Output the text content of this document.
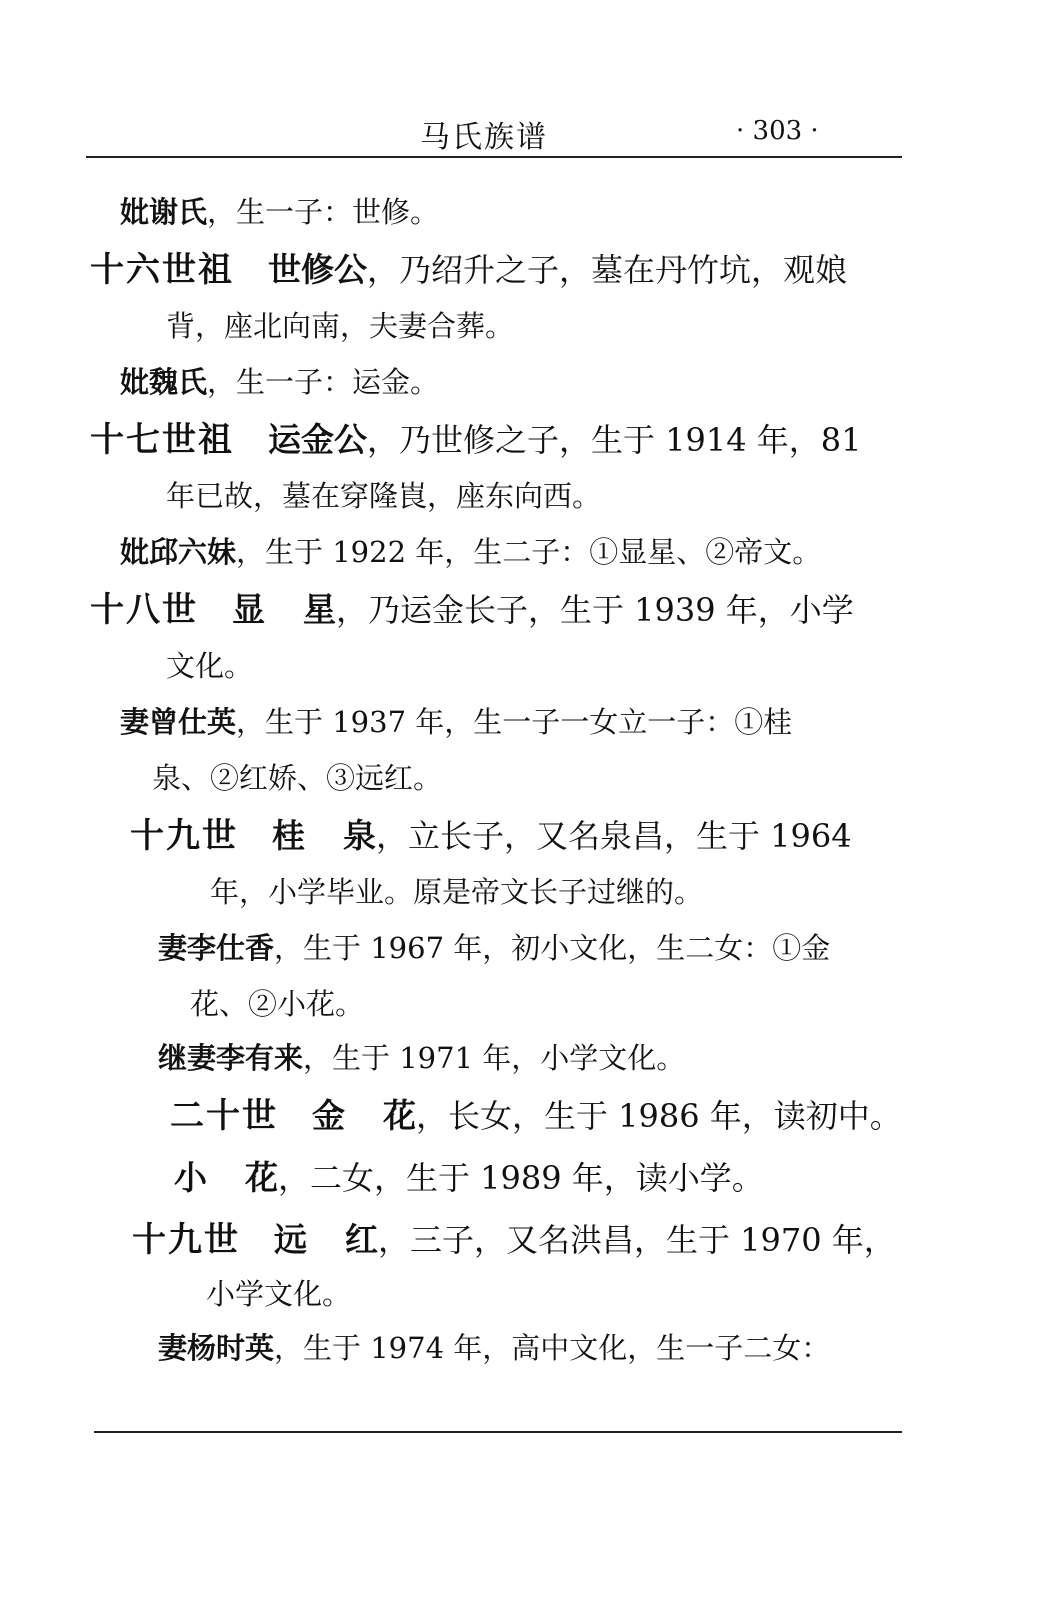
马氏族谱	· 303 ·
妣谢氏，生一子：世修。
十六世祖 世修公，乃绍升之子，墓在丹竹坑，观娘
背，座北向南，夫妻合葬。
妣魏氏，生一子：运金。
十七世祖 运金公，乃世修之子，生于 1914 年，81
年已故，墓在穿隆崀，座东向西。
妣邱六妹，生于 1922 年，生二子：①显星、②帝文。
十八世 显 星，乃运金长子，生于 1939 年，小学
文化。
妻曾仕英，生于 1937 年，生一子一女立一子：①桂
泉、②红娇、③远红。
十九世 桂 泉，立长子，又名泉昌，生于 1964
年，小学毕业。原是帝文长子过继的。
妻李仕香，生于 1967 年，初小文化，生二女：①金
花、②小花。
继妻李有来，生于 1971 年，小学文化。
二十世 金 花，长女，生于 1986 年，读初中。
小 花，二女，生于 1989 年，读小学。
十九世 远 红，三子，又名洪昌，生于 1970 年，
小学文化。
妻杨时英，生于 1974 年，高中文化，生一子二女：
